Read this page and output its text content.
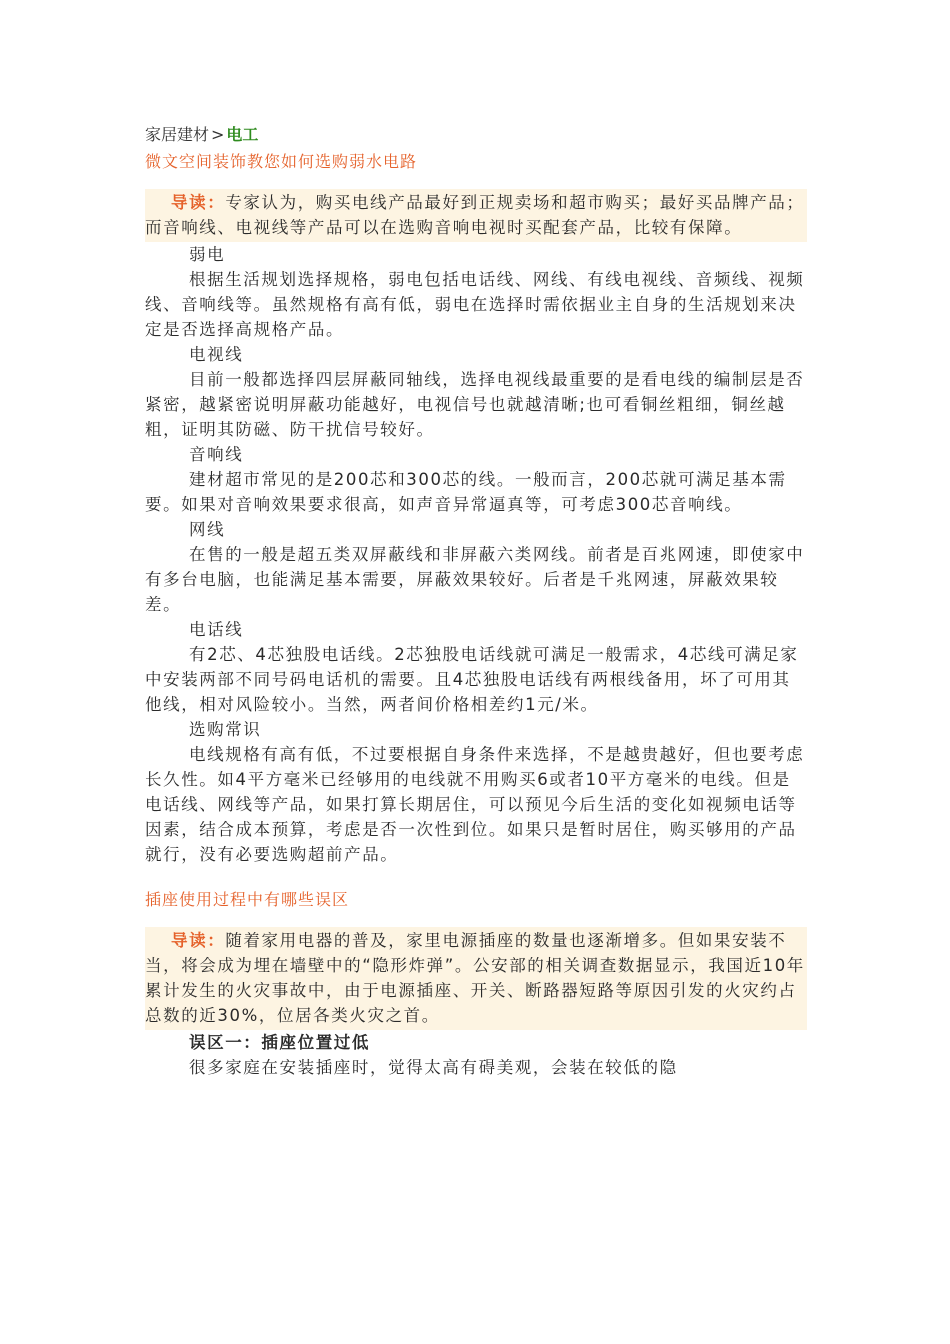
家居建材 > 电工
微文空间装饰教您如何选购弱水电路

导读：专家认为，购买电线产品最好到正规卖场和超市购买；最好买品牌产品；而音响线、电视线等产品可以在选购音响电视时买配套产品，比较有保障。

弱电

根据生活规划选择规格，弱电包括电话线、网线、有线电视线、音频线、视频线、音响线等。虽然规格有高有低，弱电在选择时需依据业主自身的生活规划来决定是否选择高规格产品。

电视线

目前一般都选择四层屏蔽同轴线，选择电视线最重要的是看电线的编制层是否紧密，越紧密说明屏蔽功能越好，电视信号也就越清晰;也可看铜丝粗细，铜丝越粗，证明其防磁、防干扰信号较好。

音响线

建材超市常见的是200芯和300芯的线。一般而言，200芯就可满足基本需要。如果对音响效果要求很高，如声音异常逼真等，可考虑300芯音响线。

网线

在售的一般是超五类双屏蔽线和非屏蔽六类网线。前者是百兆网速，即使家中有多台电脑，也能满足基本需要，屏蔽效果较好。后者是千兆网速，屏蔽效果较差。

电话线

有2芯、4芯独股电话线。2芯独股电话线就可满足一般需求，4芯线可满足家中安装两部不同号码电话机的需要。且4芯独股电话线有两根线备用，坏了可用其他线，相对风险较小。当然，两者间价格相差约1元/米。

选购常识

电线规格有高有低，不过要根据自身条件来选择，不是越贵越好，但也要考虑长久性。如4平方毫米已经够用的电线就不用购买6或者10平方毫米的电线。但是电话线、网线等产品，如果打算长期居住，可以预见今后生活的变化如视频电话等因素，结合成本预算，考虑是否一次性到位。如果只是暂时居住，购买够用的产品就行，没有必要选购超前产品。

插座使用过程中有哪些误区

导读：随着家用电器的普及，家里电源插座的数量也逐渐增多。但如果安装不当，将会成为埋在墙壁中的“隐形炸弹”。公安部的相关调查数据显示，我国近10年累计发生的火灾事故中，由于电源插座、开关、断路器短路等原因引发的火灾约占总数的近30%，位居各类火灾之首。

误区一：插座位置过低

很多家庭在安装插座时，觉得太高有碍美观，会装在较低的隐
